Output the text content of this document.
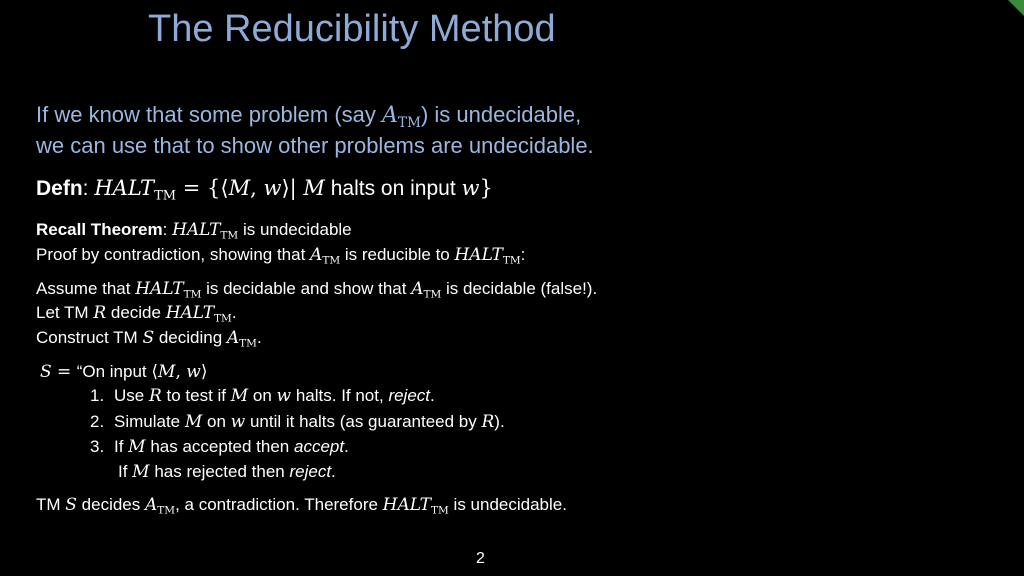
The Reducibility Method
If we know that some problem (say $A_{TM}$) is undecidable,
we can use that to show other problems are undecidable.
Defn: $HALT_{TM}$ = {⟨M, w⟩| M halts on input w}
Recall Theorem: $HALT_{TM}$ is undecidable
Proof by contradiction, showing that $A_{TM}$ is reducible to $HALT_{TM}$:
Assume that $HALT_{TM}$ is decidable and show that $A_{TM}$ is decidable (false!).
Let TM R decide $HALT_{TM}$.
Construct TM S deciding $A_{TM}$.
S = “On input ⟨M, w⟩
1. Use R to test if M on w halts. If not, reject.
2. Simulate M on w until it halts (as guaranteed by R).
3. If M has accepted then accept.
If M has rejected then reject.
TM S decides $A_{TM}$, a contradiction. Therefore $HALT_{TM}$ is undecidable.
2
